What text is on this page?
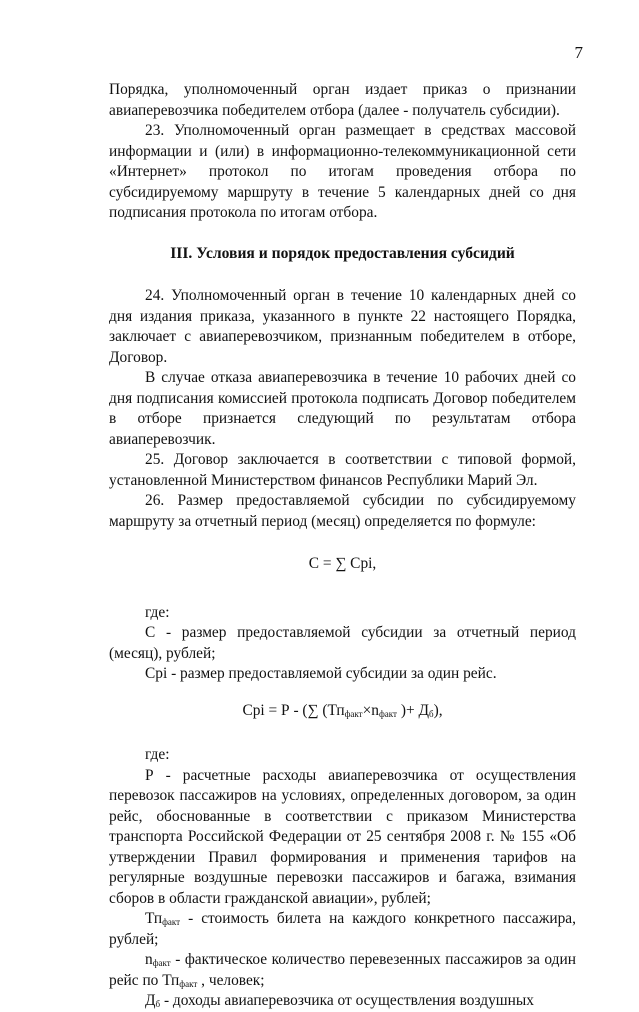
7

Порядка, уполномоченный орган издает приказ о признании авиаперевозчика победителем отбора (далее - получатель субсидии).

23. Уполномоченный орган размещает в средствах массовой информации и (или) в информационно-телекоммуникационной сети «Интернет» протокол по итогам проведения отбора по субсидируемому маршруту в течение 5 календарных дней со дня подписания протокола по итогам отбора.

III. Условия и порядок предоставления субсидий

24. Уполномоченный орган в течение 10 календарных дней со дня издания приказа, указанного в пункте 22 настоящего Порядка, заключает с авиаперевозчиком, признанным победителем в отборе, Договор.

В случае отказа авиаперевозчика в течение 10 рабочих дней со дня подписания комиссией протокола подписать Договор победителем в отборе признается следующий по результатам отбора авиаперевозчик.

25. Договор заключается в соответствии с типовой формой, установленной Министерством финансов Республики Марий Эл.

26. Размер предоставляемой субсидии по субсидируемому маршруту за отчетный период (месяц) определяется по формуле:

С = ∑ Сpi,

где:

С - размер предоставляемой субсидии за отчетный период (месяц), рублей;

Сpi - размер предоставляемой субсидии за один рейс.

Сpi = Р - (∑ ($Тп_{факт}\times n_{факт}$ )+ $Д_б$),

где:

Р - расчетные расходы авиаперевозчика от осуществления перевозок пассажиров на условиях, определенных договором, за один рейс, обоснованные в соответствии с приказом Министерства транспорта Российской Федерации от 25 сентября 2008 г. № 155 «Об утверждении Правил формирования и применения тарифов на регулярные воздушные перевозки пассажиров и багажа, взимания сборов в области гражданской авиации», рублей;

$Тп_{факт}$ - стоимость билета на каждого конкретного пассажира, рублей;

$n_{факт}$ - фактическое количество перевезенных пассажиров за один рейс по $Тп_{факт}$ , человек;

$Д_б$ - доходы авиаперевозчика от осуществления воздушных
